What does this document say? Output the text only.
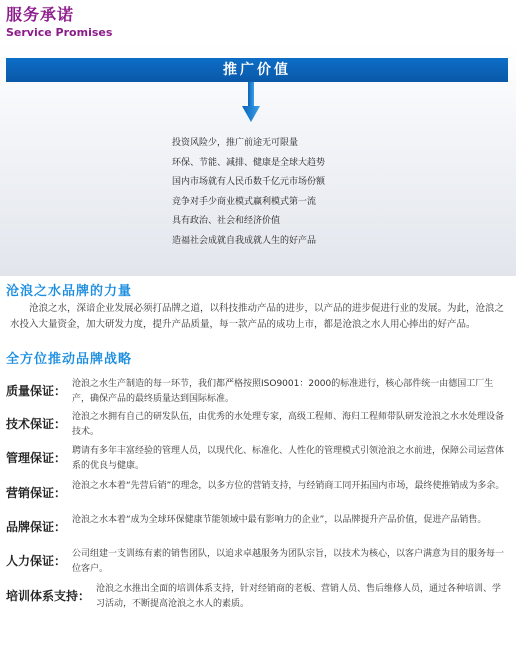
服务承诺
Service Promises
推广价值
投资风险少，推广前途无可限量
环保、节能、减排、健康是全球大趋势
国内市场就有人民币数千亿元市场份额
竞争对手少商业模式赢利模式第一流
具有政治、社会和经济价值
造福社会成就自我成就人生的好产品
沧浪之水品牌的力量

沧浪之水，深谙企业发展必须打品牌之道，以科技推动产品的进步，以产品的进步促进行业的发展。为此，沧浪之水投入大量资金，加大研发力度，提升产品质量，每一款产品的成功上市，都是沧浪之水人用心捧出的好产品。

全方位推动品牌战略
质量保证： 沧浪之水生产制造的每一环节，我们都严格按照ISO9001：2000的标准进行，核心部件统一由德国工厂生产，确保产品的最终质量达到国际标准。

技术保证： 沧浪之水拥有自己的研发队伍，由优秀的水处理专家，高级工程师、海归工程师带队研发沧浪之水水处理设备技术。

管理保证： 聘请有多年丰富经验的管理人员，以现代化、标准化、人性化的管理模式引领沧浪之水前进，保障公司运营体系的优良与健康。

营销保证： 沧浪之水本着“先营后销”的理念，以多方位的营销支持，与经销商工同开拓国内市场，最终使推销成为多余。

品牌保证： 沧浪之水本着“成为全球环保健康节能领域中最有影响力的企业”，以品牌提升产品价值，促进产品销售。

人力保证： 公司组建一支训练有素的销售团队，以追求卓越服务为团队宗旨，以技术为核心，以客户满意为目的服务每一位客户。

培训体系支持： 沧浪之水推出全面的培训体系支持，针对经销商的老板、营销人员、售后维修人员，通过各种培训、学习活动，不断提高沧浪之水人的素质。
